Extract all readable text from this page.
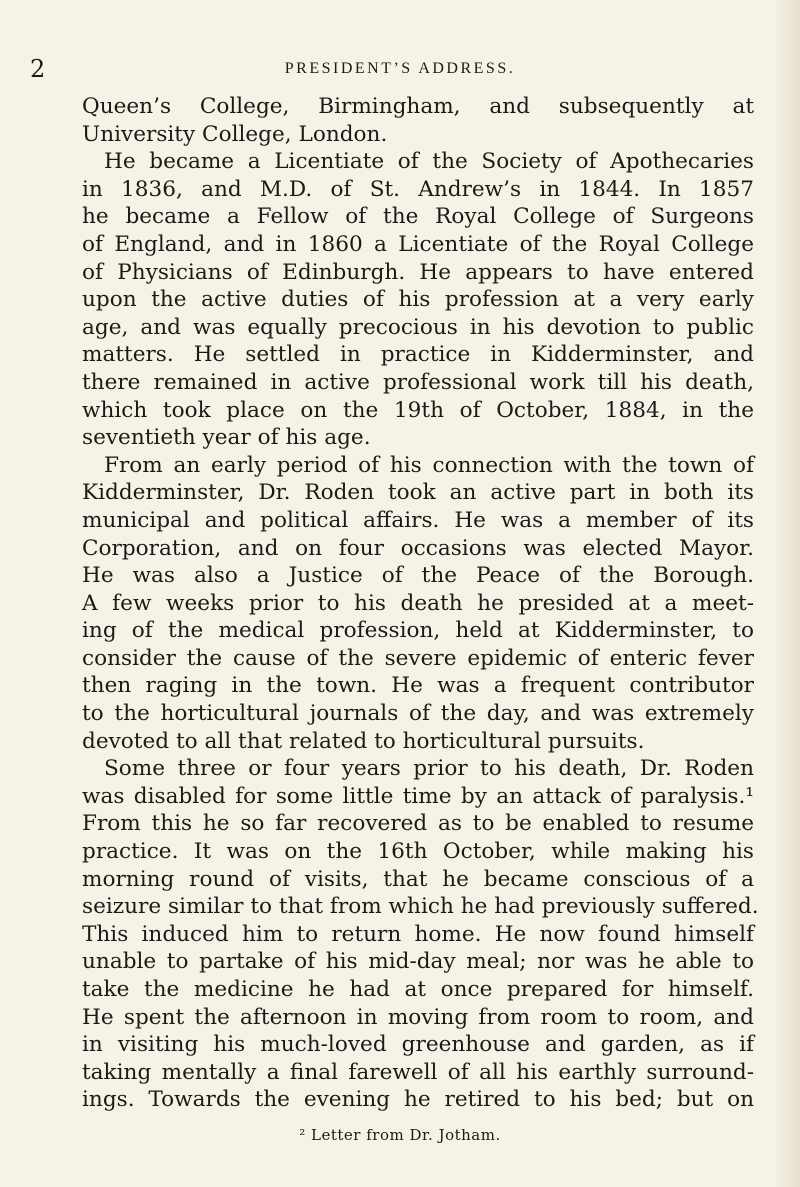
2	PRESIDENT’S ADDRESS.
Queen’s College, Birmingham, and subsequently at
University College, London.
He became a Licentiate of the Society of Apothecaries
in 1836, and M.D. of St. Andrew’s in 1844. In 1857
he became a Fellow of the Royal College of Surgeons
of England, and in 1860 a Licentiate of the Royal College
of Physicians of Edinburgh. He appears to have entered
upon the active duties of his profession at a very early
age, and was equally precocious in his devotion to public
matters. He settled in practice in Kidderminster, and
there remained in active professional work till his death,
which took place on the 19th of October, 1884, in the
seventieth year of his age.
From an early period of his connection with the town of
Kidderminster, Dr. Roden took an active part in both its
municipal and political affairs. He was a member of its
Corporation, and on four occasions was elected Mayor.
He was also a Justice of the Peace of the Borough.
A few weeks prior to his death he presided at a meet-
ing of the medical profession, held at Kidderminster, to
consider the cause of the severe epidemic of enteric fever
then raging in the town. He was a frequent contributor
to the horticultural journals of the day, and was extremely
devoted to all that related to horticultural pursuits.
Some three or four years prior to his death, Dr. Roden
was disabled for some little time by an attack of paralysis.¹
From this he so far recovered as to be enabled to resume
practice. It was on the 16th October, while making his
morning round of visits, that he became conscious of a
seizure similar to that from which he had previously suffered.
This induced him to return home. He now found himself
unable to partake of his mid-day meal; nor was he able to
take the medicine he had at once prepared for himself.
He spent the afternoon in moving from room to room, and
in visiting his much-loved greenhouse and garden, as if
taking mentally a final farewell of all his earthly surround-
ings. Towards the evening he retired to his bed; but on
² Letter from Dr. Jotham.
